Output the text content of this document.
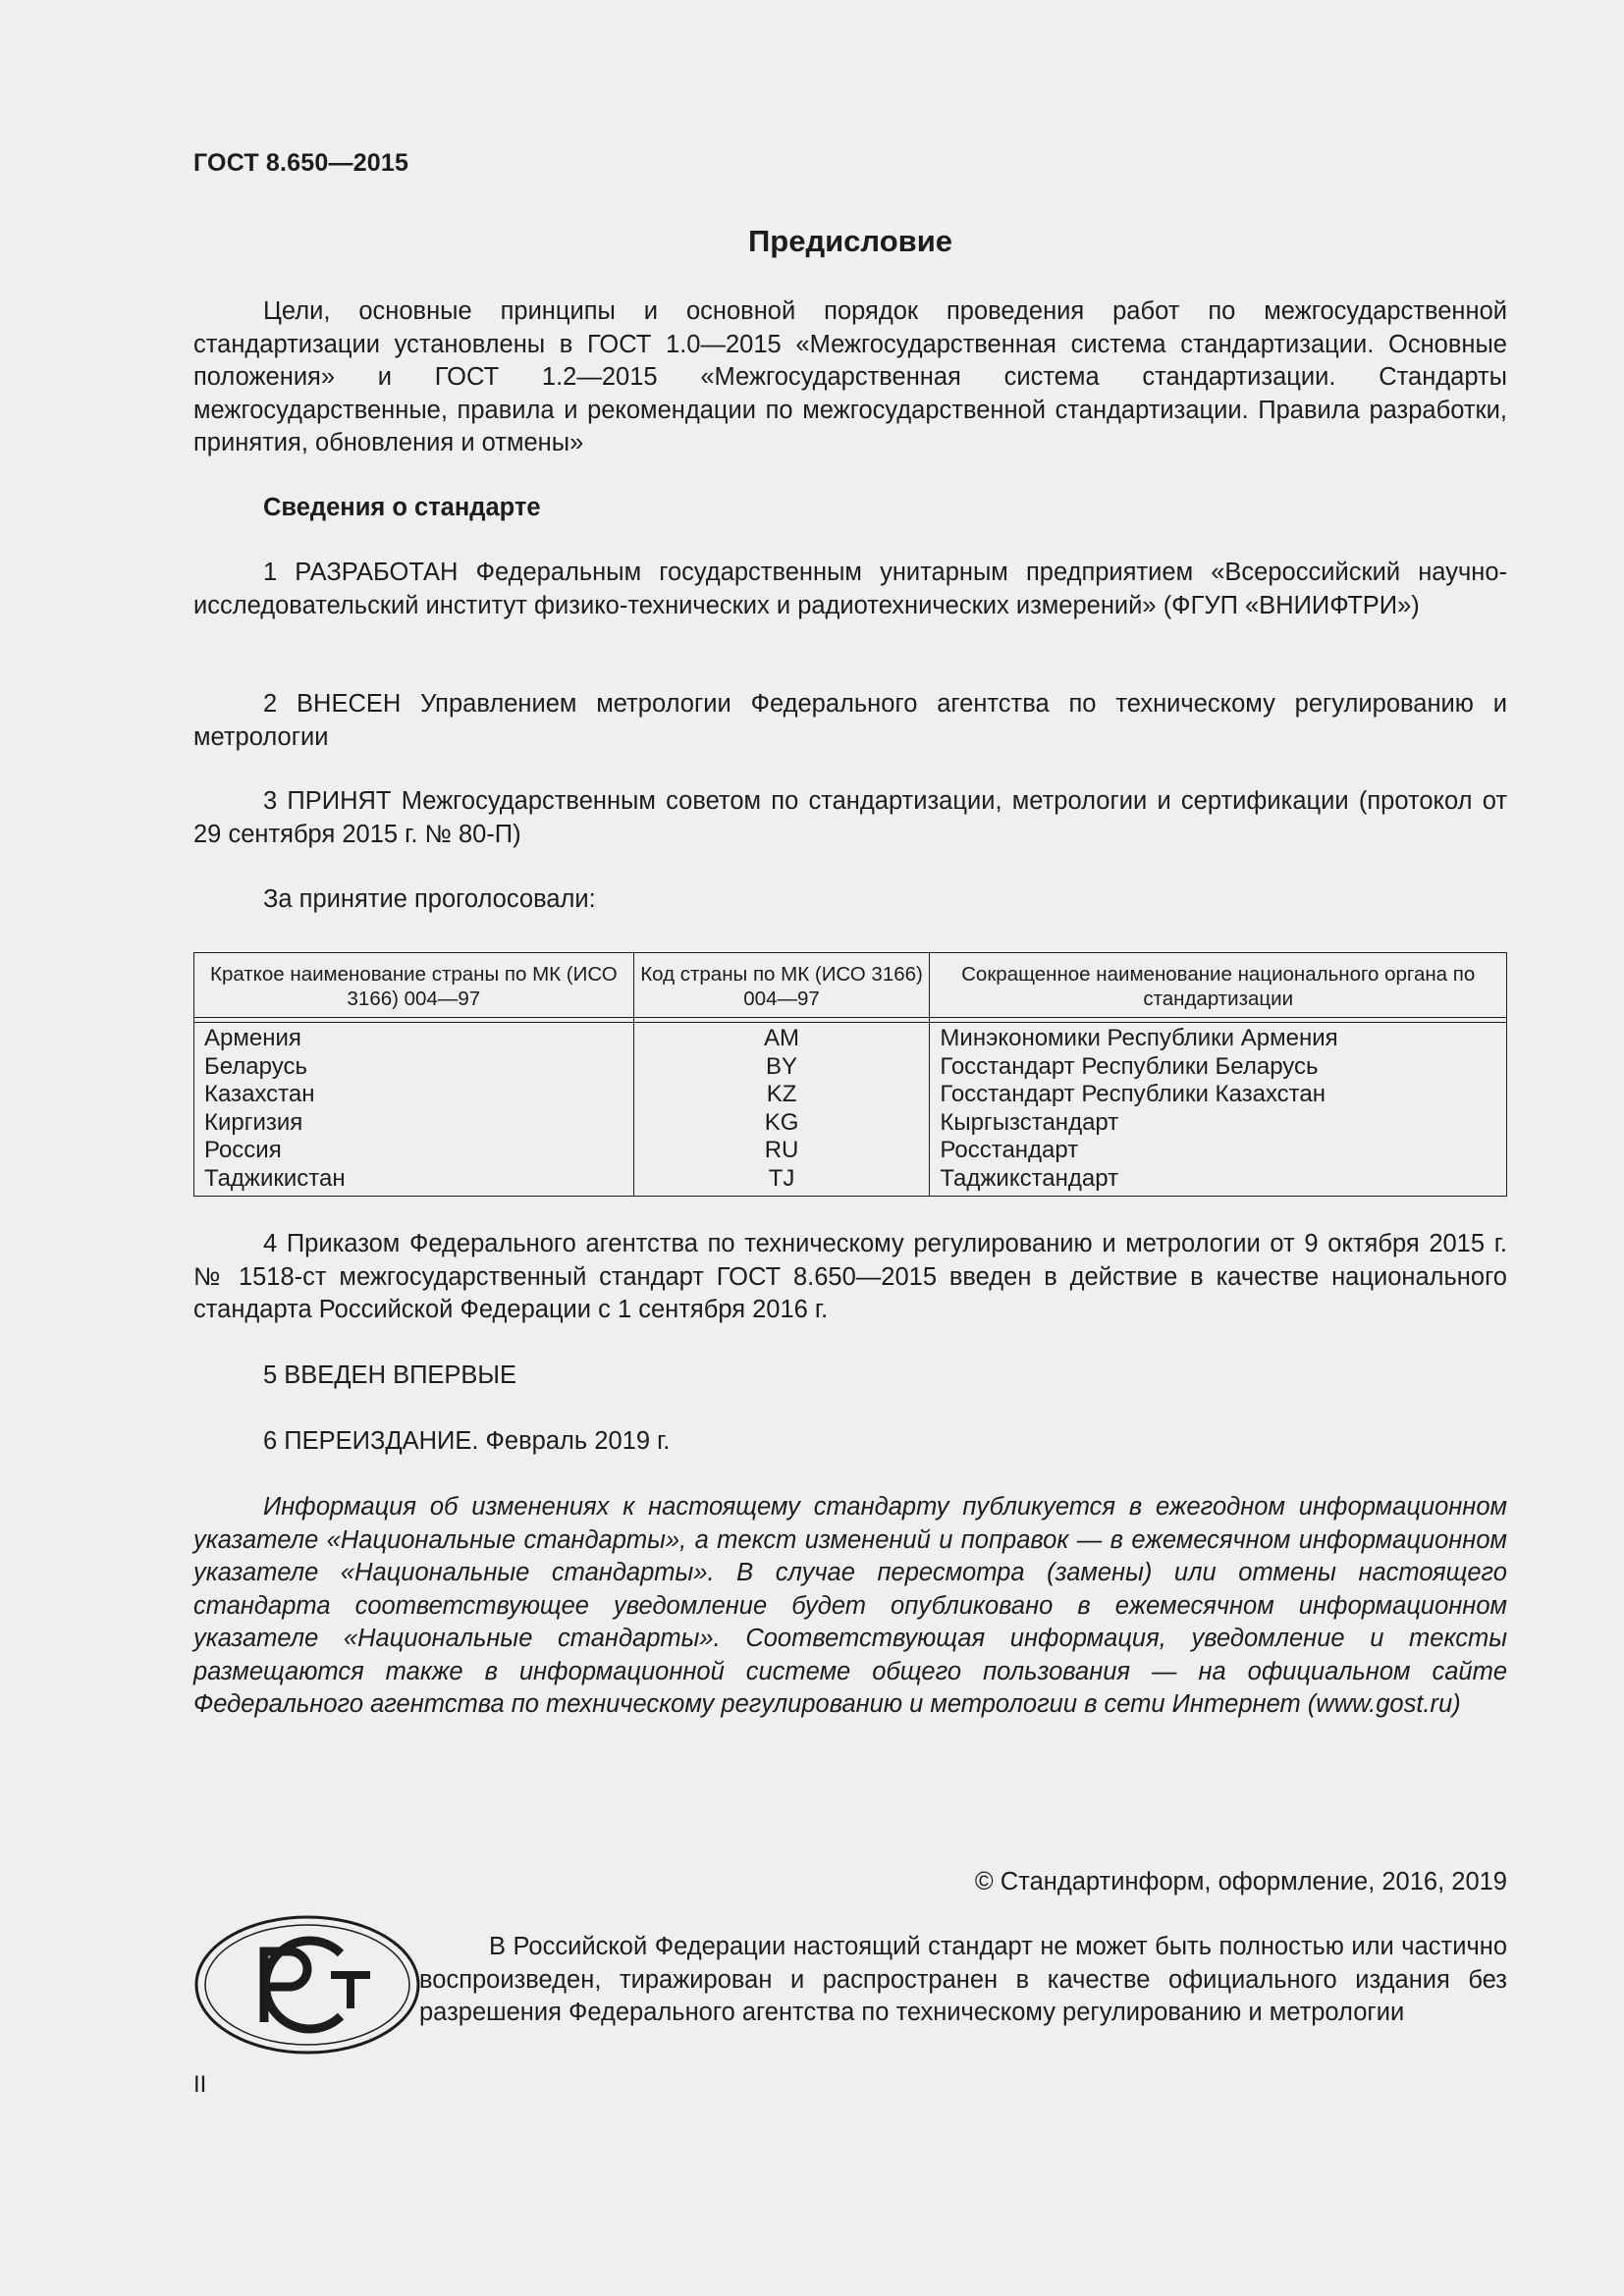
ГОСТ 8.650—2015
Предисловие

Цели, основные принципы и основной порядок проведения работ по межгосударственной стандартизации установлены в ГОСТ 1.0—2015 «Межгосударственная система стандартизации. Основные положения» и ГОСТ 1.2—2015 «Межгосударственная система стандартизации. Стандарты межгосударственные, правила и рекомендации по межгосударственной стандартизации. Правила разработки, принятия, обновления и отмены»

Сведения о стандарте

1 РАЗРАБОТАН Федеральным государственным унитарным предприятием «Всероссийский научно-исследовательский институт физико-технических и радиотехнических измерений» (ФГУП «ВНИИФТРИ»)

2 ВНЕСЕН Управлением метрологии Федерального агентства по техническому регулированию и метрологии

3 ПРИНЯТ Межгосударственным советом по стандартизации, метрологии и сертификации (протокол от 29 сентября 2015 г. № 80-П)

За принятие проголосовали:

Краткое наименование страны по МК (ИСО 3166) 004—97	Код страны по МК (ИСО 3166) 004—97	Сокращенное наименование национального органа по стандартизации

Армения	AM	Минэкономики Республики Армения
Беларусь	BY	Госстандарт Республики Беларусь
Казахстан	KZ	Госстандарт Республики Казахстан
Киргизия	KG	Кыргызстандарт
Россия	RU	Росстандарт
Таджикистан	TJ	Таджикстандарт

4 Приказом Федерального агентства по техническому регулированию и метрологии от 9 октября 2015 г. № 1518-ст межгосударственный стандарт ГОСТ 8.650—2015 введен в действие в качестве национального стандарта Российской Федерации с 1 сентября 2016 г.

5 ВВЕДЕН ВПЕРВЫЕ

6 ПЕРЕИЗДАНИЕ. Февраль 2019 г.

Информация об изменениях к настоящему стандарту публикуется в ежегодном информационном указателе «Национальные стандарты», а текст изменений и поправок — в ежемесячном информационном указателе «Национальные стандарты». В случае пересмотра (замены) или отмены настоящего стандарта соответствующее уведомление будет опубликовано в ежемесячном информационном указателе «Национальные стандарты». Соответствующая информация, уведомление и тексты размещаются также в информационной системе общего пользования — на официальном сайте Федерального агентства по техническому регулированию и метрологии в сети Интернет (www.gost.ru)

© Стандартинформ, оформление, 2016, 2019

В Российской Федерации настоящий стандарт не может быть полностью или частично воспроизведен, тиражирован и распространен в качестве официального издания без разрешения Федерального агентства по техническому регулированию и метрологии

II
